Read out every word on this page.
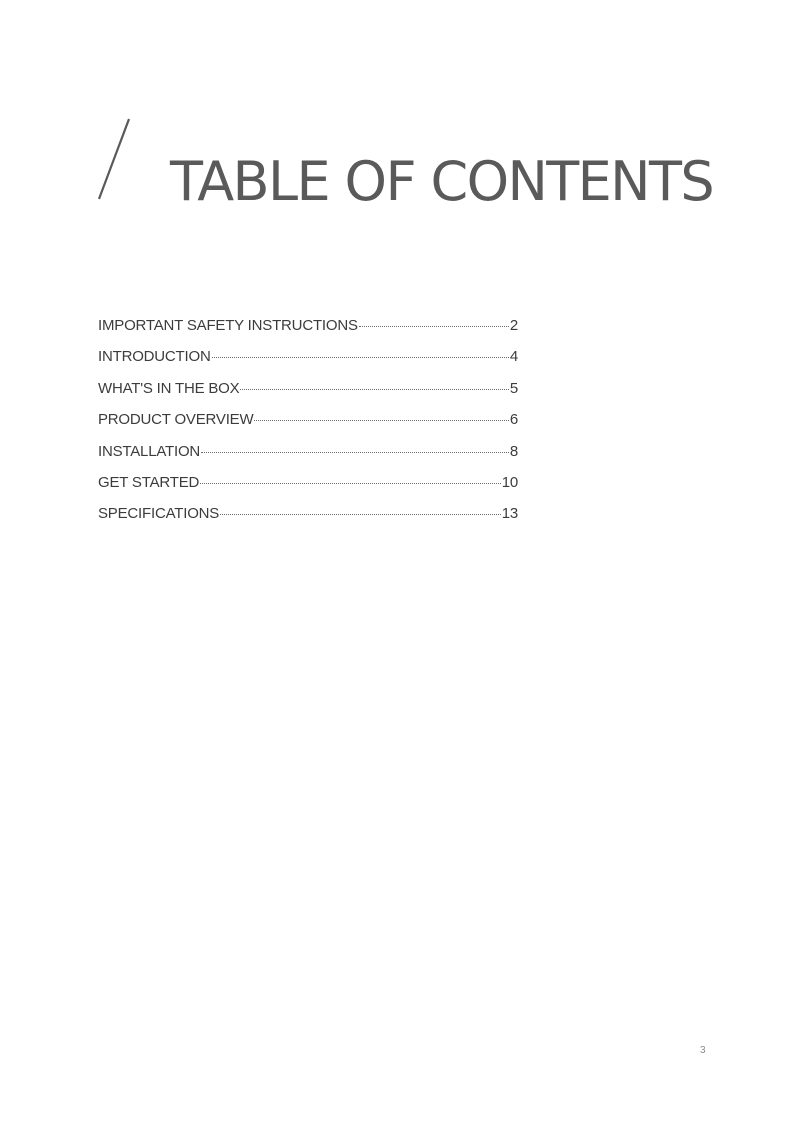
TABLE OF CONTENTS
IMPORTANT SAFETY INSTRUCTIONS	2
INTRODUCTION	4
WHAT'S IN THE BOX	5
PRODUCT OVERVIEW	6
INSTALLATION	8
GET STARTED	10
SPECIFICATIONS	13
3
